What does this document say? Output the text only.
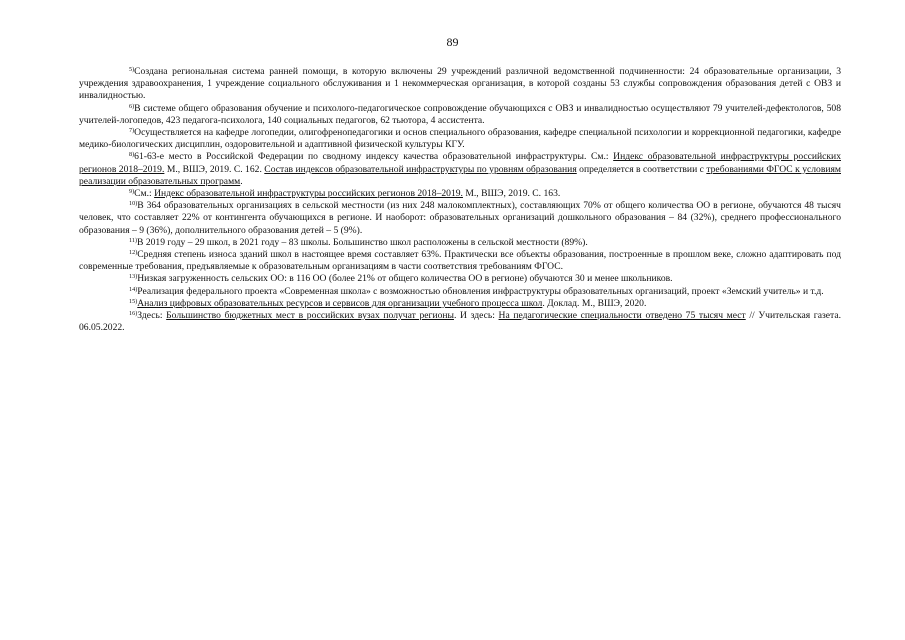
89

$^{5)}$Создана региональная система ранней помощи, в которую включены 29 учреждений различной ведомственной подчиненности: 24 образовательные организации, 3 учреждения здравоохранения, 1 учреждение социального обслуживания и 1 некоммерческая организация, в которой созданы 53 службы сопровождения образования детей с ОВЗ и инвалидностью.

$^{6)}$В системе общего образования обучение и психолого-педагогическое сопровождение обучающихся с ОВЗ и инвалидностью осуществляют 79 учителей-дефектологов, 508 учителей-логопедов, 423 педагога-психолога, 140 социальных педагогов, 62 тьютора, 4 ассистента.

$^{7)}$Осуществляется на кафедре логопедии, олигофренопедагогики и основ специального образования, кафедре специальной психологии и коррекционной педагогики, кафедре медико-биологических дисциплин, оздоровительной и адаптивной физической культуры КГУ.

$^{8)}$61-63-е место в Российской Федерации по сводному индексу качества образовательной инфраструктуры. См.: Индекс образовательной инфраструктуры российских регионов 2018–2019. М., ВШЭ, 2019. С. 162. Состав индексов образовательной инфраструктуры по уровням образования определяется в соответствии с требованиями ФГОС к условиям реализации образовательных программ.

$^{9)}$См.: Индекс образовательной инфраструктуры российских регионов 2018–2019. М., ВШЭ, 2019. С. 163.

$^{10)}$В 364 образовательных организациях в сельской местности (из них 248 малокомплектных), составляющих 70% от общего количества ОО в регионе, обучаются 48 тысяч человек, что составляет 22% от контингента обучающихся в регионе. И наоборот: образовательных организаций дошкольного образования – 84 (32%), среднего профессионального образования – 9 (36%), дополнительного образования детей – 5 (9%).

$^{11)}$В 2019 году – 29 школ, в 2021 году – 83 школы. Большинство школ расположены в сельской местности (89%).

$^{12)}$Средняя степень износа зданий школ в настоящее время составляет 63%. Практически все объекты образования, построенные в прошлом веке, сложно адаптировать под современные требования, предъявляемые к образовательным организациям в части соответствия требованиям ФГОС.

$^{13)}$Низкая загруженность сельских ОО: в 116 ОО (более 21% от общего количества ОО в регионе) обучаются 30 и менее школьников.

$^{14)}$Реализация федерального проекта «Современная школа» с возможностью обновления инфраструктуры образовательных организаций, проект «Земский учитель» и т.д.

$^{15)}$Анализ цифровых образовательных ресурсов и сервисов для организации учебного процесса школ. Доклад. М., ВШЭ, 2020.

$^{16)}$Здесь: Большинство бюджетных мест в российских вузах получат регионы. И здесь: На педагогические специальности отведено 75 тысяч мест // Учительская газета. 06.05.2022.
